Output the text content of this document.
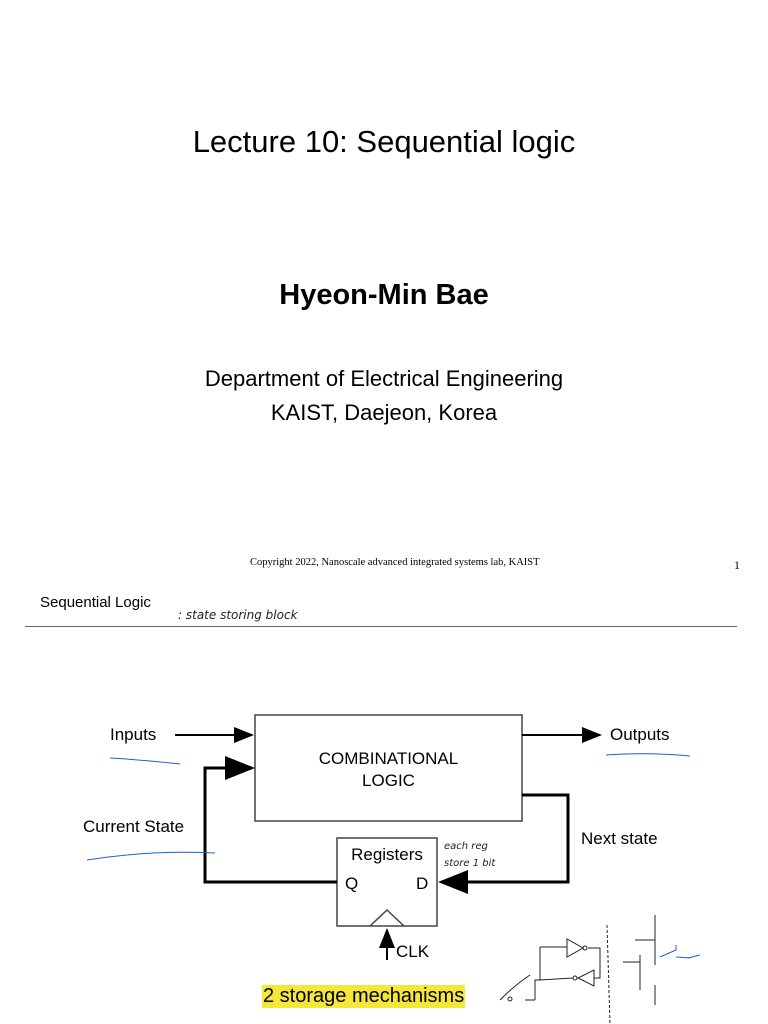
Lecture 10: Sequential logic
Hyeon-Min Bae
Department of Electrical Engineering
KAIST, Daejeon, Korea
Copyright 2022, Nanoscale advanced integrated systems lab, KAIST	1
Sequential Logic
: state storing block
Inputs	Outputs
Current State
Next state
COMBINATIONAL
LOGIC
Registers
Q	D
CLK
each reg
store 1 bit
2 storage mechanisms
